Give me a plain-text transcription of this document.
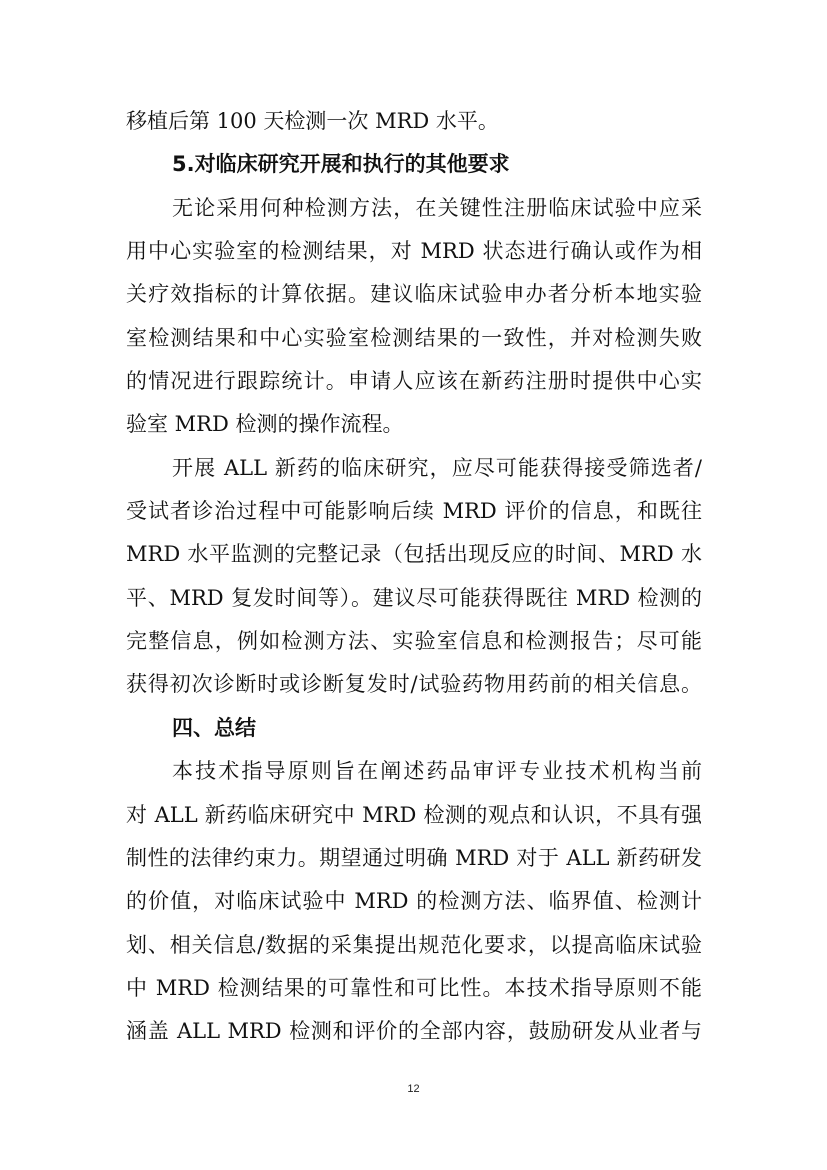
移植后第 100 天检测一次 MRD 水平。
5.对临床研究开展和执行的其他要求
无论采用何种检测方法，在关键性注册临床试验中应采
用中心实验室的检测结果，对 MRD 状态进行确认或作为相
关疗效指标的计算依据。建议临床试验申办者分析本地实验
室检测结果和中心实验室检测结果的一致性，并对检测失败
的情况进行跟踪统计。申请人应该在新药注册时提供中心实
验室 MRD 检测的操作流程。
开展 ALL 新药的临床研究，应尽可能获得接受筛选者/
受试者诊治过程中可能影响后续 MRD 评价的信息，和既往
MRD 水平监测的完整记录（包括出现反应的时间、MRD 水
平、MRD 复发时间等）。建议尽可能获得既往 MRD 检测的
完整信息，例如检测方法、实验室信息和检测报告；尽可能
获得初次诊断时或诊断复发时/试验药物用药前的相关信息。
四、总结
本技术指导原则旨在阐述药品审评专业技术机构当前
对 ALL 新药临床研究中 MRD 检测的观点和认识，不具有强
制性的法律约束力。期望通过明确 MRD 对于 ALL 新药研发
的价值，对临床试验中 MRD 的检测方法、临界值、检测计
划、相关信息/数据的采集提出规范化要求，以提高临床试验
中 MRD 检测结果的可靠性和可比性。本技术指导原则不能
涵盖 ALL MRD 检测和评价的全部内容，鼓励研发从业者与
12
